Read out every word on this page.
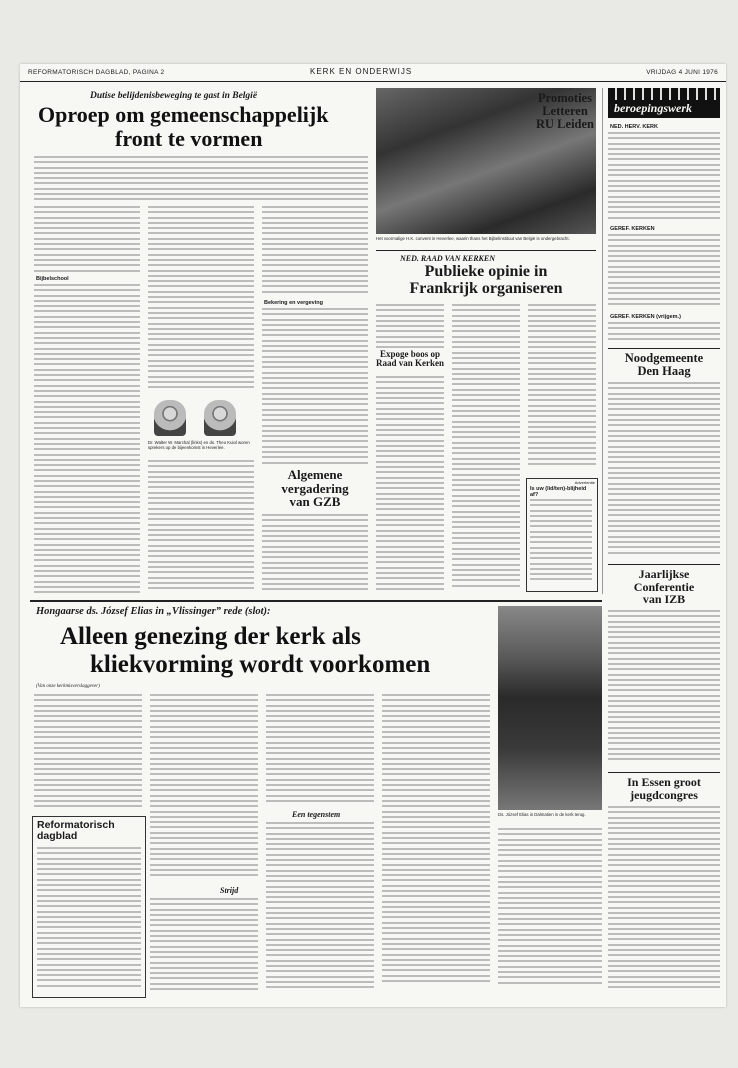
REFORMATORISCH DAGBLAD, PAGINA 2	KERK EN ONDERWIJS	VRIJDAG 4 JUNI 1976
Dutise belijdenisbeweging te gast in België
Oproep om gemeenschappelijk
front te vormen
Bijbelschool
Dr. Walter W. Marchal (links) en ds. Theo Kuiol woren sprekers op de bijeenkomst in Heverlee.
Bekering en vergeving
Algemene
vergadering
van GZB
Het voormalige H.K. convent in Heverlee, waarin thans het Bijbelinstituut van België is ondergebracht.
NED. RAAD VAN KERKEN
Publieke opinie in
Frankrijk organiseren
Expoge boos op
Raad van Kerken
Advertentie
Is uw (lid/ten)-blijheid af?
Promoties
Letteren
RU Leiden
beroepingswerk
NED. HERV. KERK
GEREF. KERKEN
GEREF. KERKEN (vrijgem.)
Noodgemeente
Den Haag
Jaarlijkse
Conferentie
van IZB
In Essen groot
jeugdcongres
Hongaarse ds. József Elias in „Vlissinger” rede (slot):
Alleen genezing der kerk als
kliekvorming wordt voorkomen
(Van onze kerkmisverslaggever)
Reformatorisch
dagblad
Strijd
Een tegenstem	Ds. József Elias in Dalmatien in de kerk terug.
